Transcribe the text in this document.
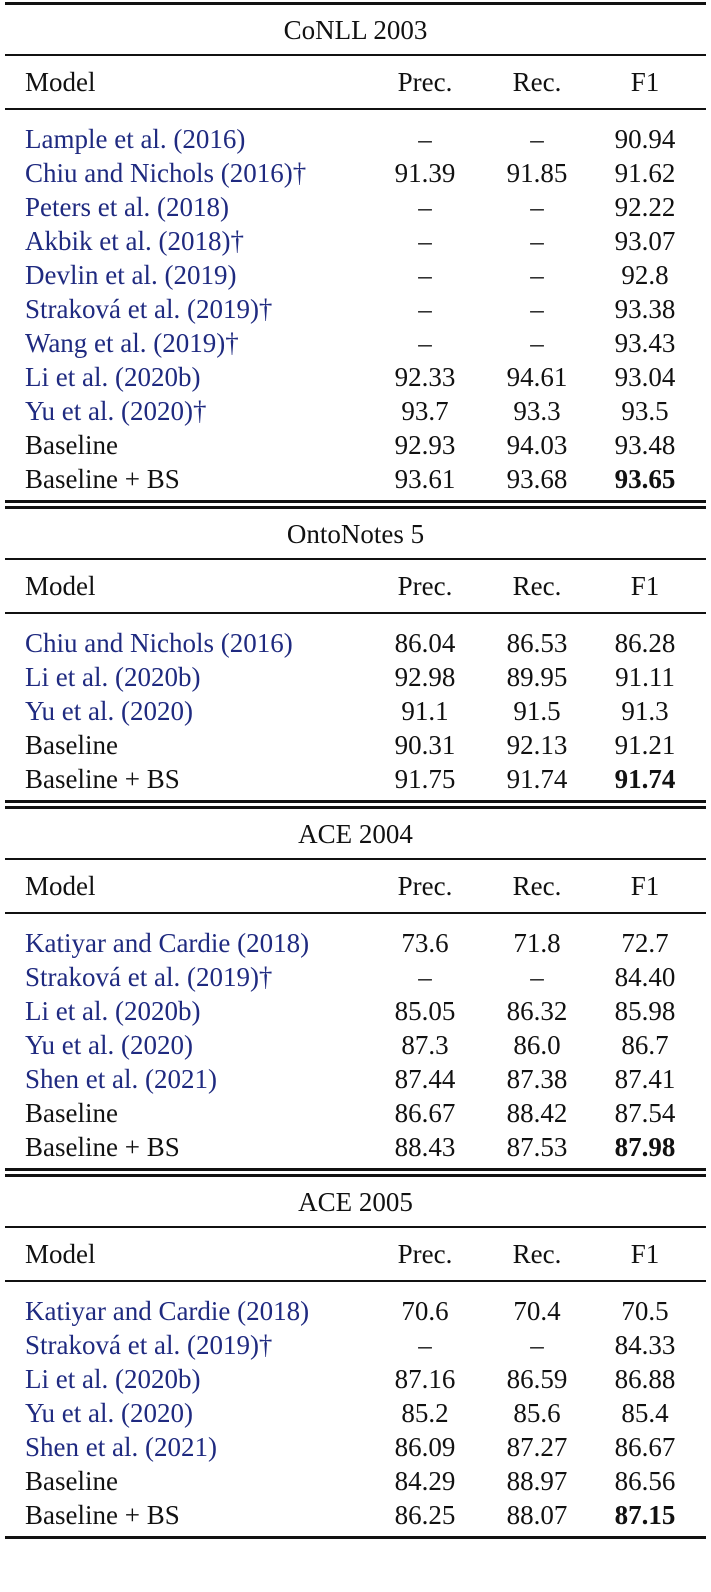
CoNLL 2003
Model	Prec.	Rec.	F1
Lample et al. (2016)	–	–	90.94
Chiu and Nichols (2016)†	91.39	91.85	91.62
Peters et al. (2018)	–	–	92.22
Akbik et al. (2018)†	–	–	93.07
Devlin et al. (2019)	–	–	92.8
Straková et al. (2019)†	–	–	93.38
Wang et al. (2019)†	–	–	93.43
Li et al. (2020b)	92.33	94.61	93.04
Yu et al. (2020)†	93.7	93.3	93.5
Baseline	92.93	94.03	93.48
Baseline + BS	93.61	93.68	93.65
OntoNotes 5
Model	Prec.	Rec.	F1
Chiu and Nichols (2016)	86.04	86.53	86.28
Li et al. (2020b)	92.98	89.95	91.11
Yu et al. (2020)	91.1	91.5	91.3
Baseline	90.31	92.13	91.21
Baseline + BS	91.75	91.74	91.74
ACE 2004
Model	Prec.	Rec.	F1
Katiyar and Cardie (2018)	73.6	71.8	72.7
Straková et al. (2019)†	–	–	84.40
Li et al. (2020b)	85.05	86.32	85.98
Yu et al. (2020)	87.3	86.0	86.7
Shen et al. (2021)	87.44	87.38	87.41
Baseline	86.67	88.42	87.54
Baseline + BS	88.43	87.53	87.98
ACE 2005
Model	Prec.	Rec.	F1
Katiyar and Cardie (2018)	70.6	70.4	70.5
Straková et al. (2019)†	–	–	84.33
Li et al. (2020b)	87.16	86.59	86.88
Yu et al. (2020)	85.2	85.6	85.4
Shen et al. (2021)	86.09	87.27	86.67
Baseline	84.29	88.97	86.56
Baseline + BS	86.25	88.07	87.15
